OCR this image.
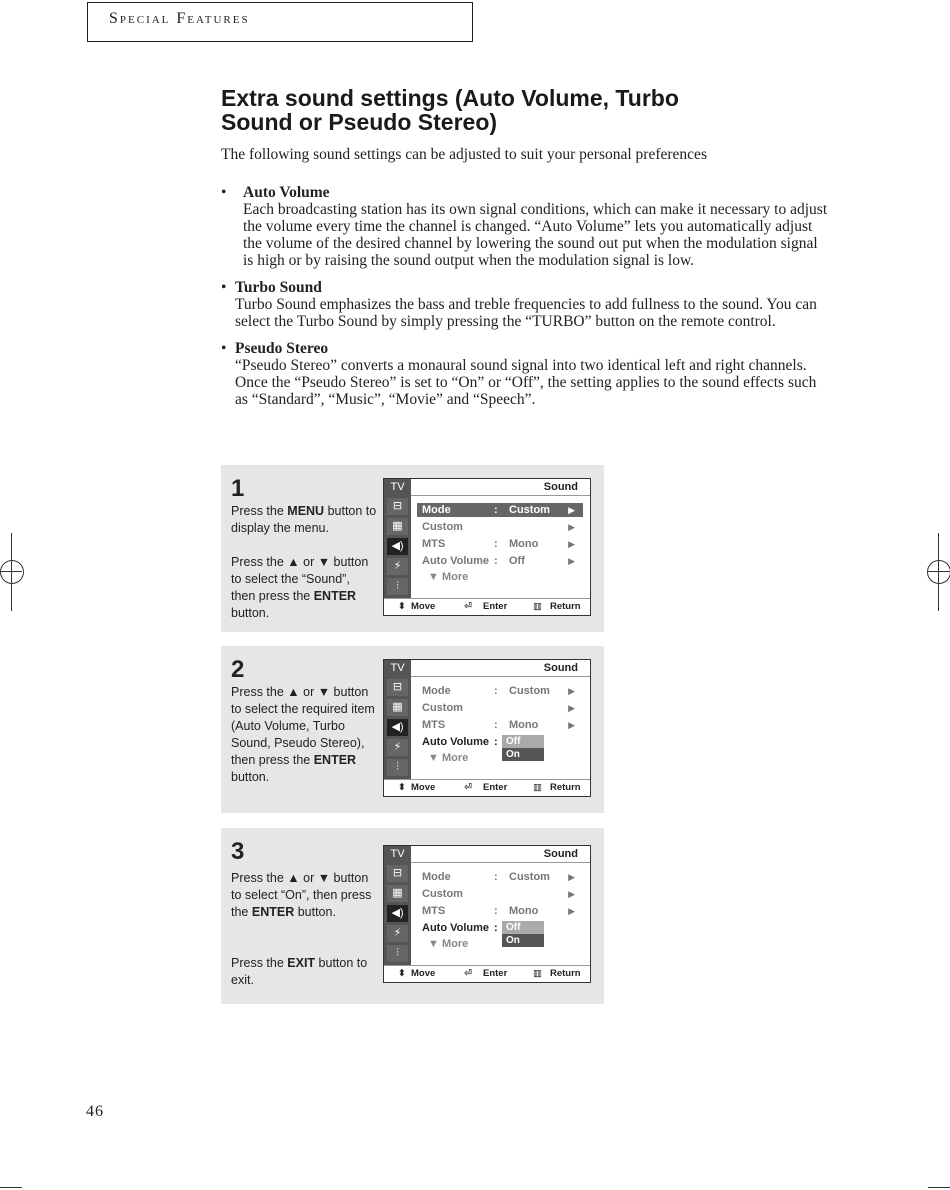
Special Features
Extra sound settings (Auto Volume, Turbo
Sound or Pseudo Stereo)
The following sound settings can be adjusted to suit your personal preferences
•	Auto Volume
Each broadcasting station has its own signal conditions, which can make it necessary to adjust the volume every time the channel is changed. “Auto Volume” lets you automatically adjust the volume of the desired channel by lowering the sound out put when the modulation signal is high or by raising the sound output when the modulation signal is low.
• Turbo Sound
Turbo Sound emphasizes the bass and treble frequencies to add fullness to the sound. You can select the Turbo Sound by simply pressing the “TURBO” button on the remote control.
• Pseudo Stereo
“Pseudo Stereo” converts a monaural sound signal into two identical left and right channels. Once the “Pseudo Stereo” is set to “On” or “Off”, the setting applies to the sound effects such as “Standard”, “Music”, “Movie” and “Speech”.
1
Press the MENU button to display the menu.

Press the ▲ or ▼ button to select the “Sound”, then press the ENTER button.
TV
⊟
▦
◀)
⚡
⫶
Sound
Mode	: Custom ▶
Custom	▶
MTS	: Mono	▶
Auto Volume : Off	▶
▼ More
⬍ Move	⏎ Enter	▥ Return
2
Press the ▲ or ▼ button to select the required item (Auto Volume, Turbo Sound, Pseudo Stereo), then press the ENTER button.
TV
⊟
▦
◀)
⚡
⫶
Sound
Mode	: Custom ▶
Custom	▶
MTS	: Mono	▶
Auto Volume : Off
On
▼ More
⬍ Move	⏎ Enter	▥ Return
3
Press the ▲ or ▼ button to select “On”, then press the ENTER button.

Press the EXIT button to exit.
TV
⊟
▦
◀)
⚡
⫶
Sound
Mode	: Custom ▶
Custom	▶
MTS	: Mono	▶
Auto Volume : Off
On
▼ More
⬍ Move	⏎ Enter	▥ Return
46
